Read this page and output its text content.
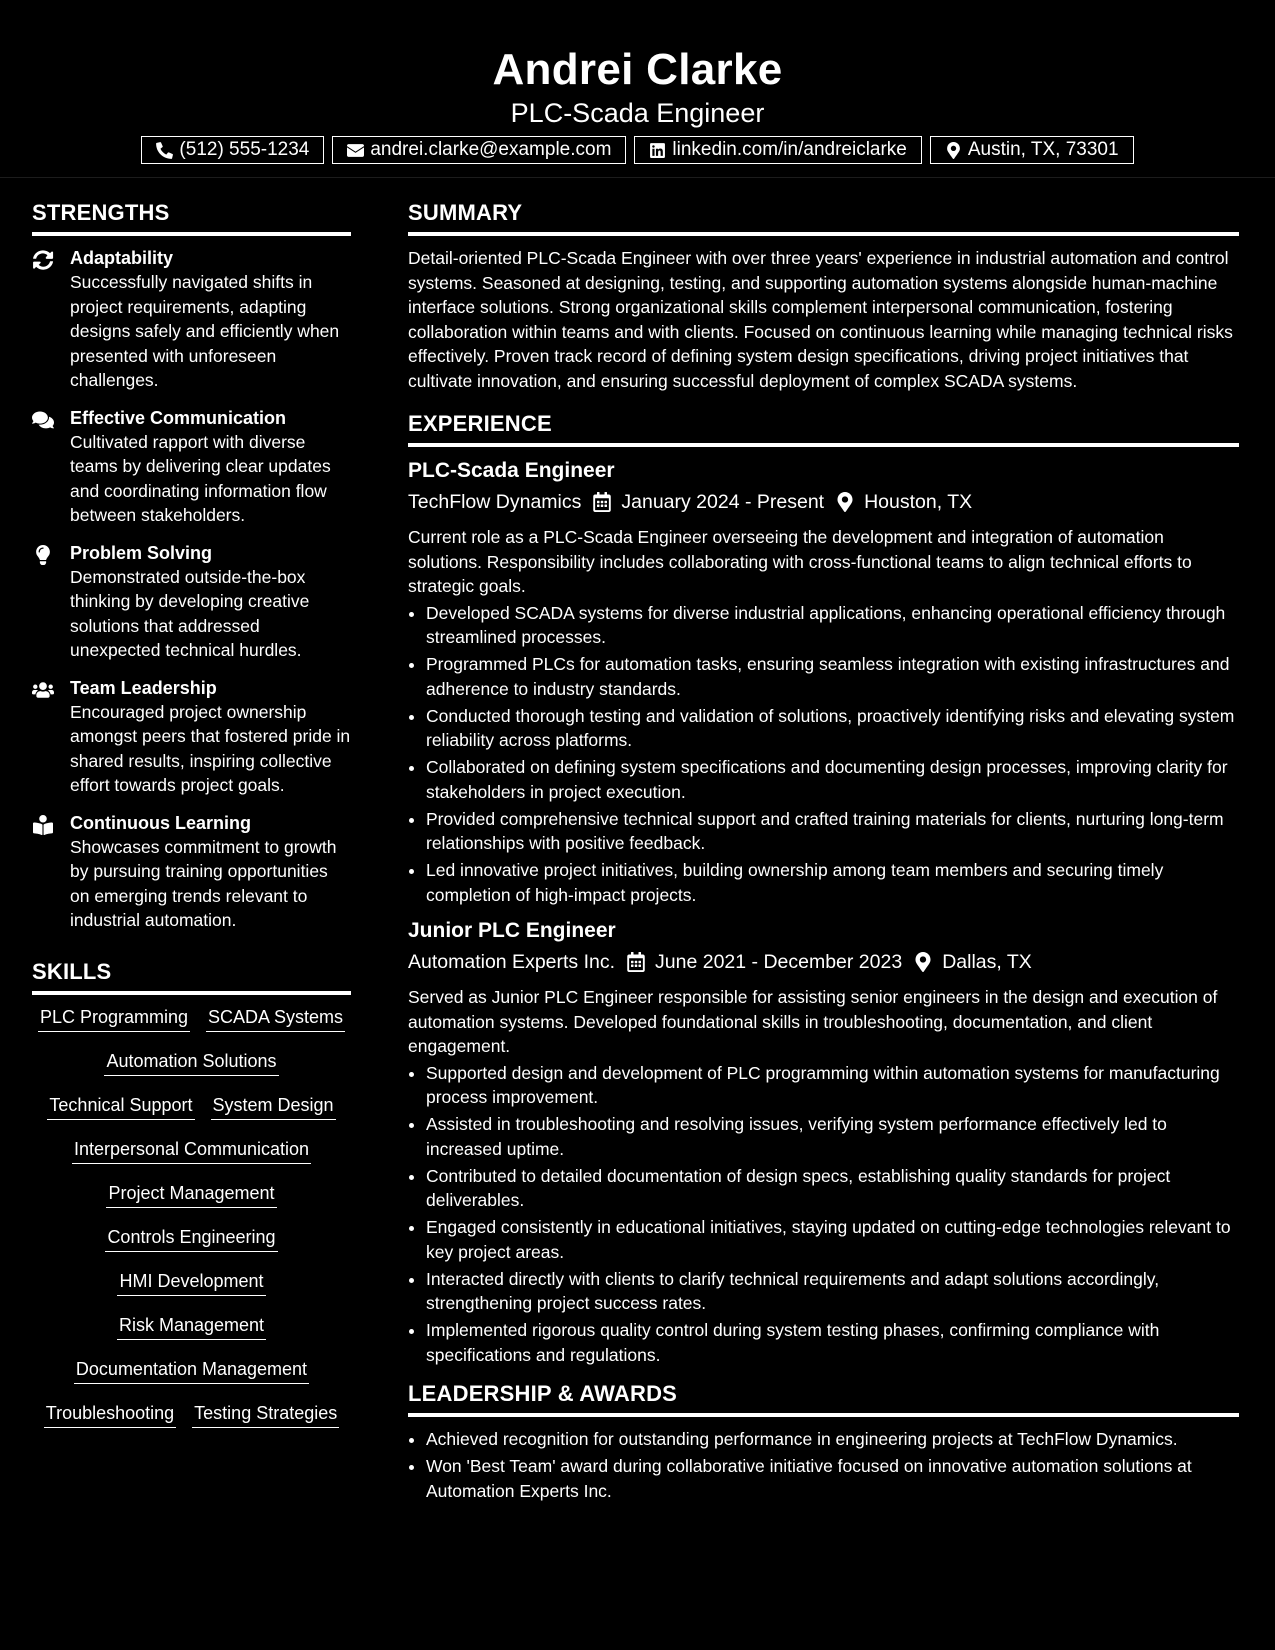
Andrei Clarke
PLC-Scada Engineer
(512) 555-1234	andrei.clarke@example.com	linkedin.com/in/andreiclarke	Austin, TX, 73301
STRENGTHS
Adaptability
Successfully navigated shifts in project requirements, adapting designs safely and efficiently when presented with unforeseen challenges.
Effective Communication
Cultivated rapport with diverse teams by delivering clear updates and coordinating information flow between stakeholders.
Problem Solving
Demonstrated outside-the-box thinking by developing creative solutions that addressed unexpected technical hurdles.
Team Leadership
Encouraged project ownership amongst peers that fostered pride in shared results, inspiring collective effort towards project goals.
Continuous Learning
Showcases commitment to growth by pursuing training opportunities on emerging trends relevant to industrial automation.
SKILLS
PLC Programming SCADA Systems
Automation Solutions
Technical Support System Design
Interpersonal Communication
Project Management
Controls Engineering
HMI Development
Risk Management
Documentation Management
Troubleshooting Testing Strategies
SUMMARY
Detail-oriented PLC-Scada Engineer with over three years' experience in industrial automation and control systems. Seasoned at designing, testing, and supporting automation systems alongside human-machine interface solutions. Strong organizational skills complement interpersonal communication, fostering collaboration within teams and with clients. Focused on continuous learning while managing technical risks effectively. Proven track record of defining system design specifications, driving project initiatives that cultivate innovation, and ensuring successful deployment of complex SCADA systems.
EXPERIENCE
PLC-Scada Engineer
TechFlow Dynamics January 2024 - Present Houston, TX
Current role as a PLC-Scada Engineer overseeing the development and integration of automation solutions. Responsibility includes collaborating with cross-functional teams to align technical efforts to strategic goals.
• Developed SCADA systems for diverse industrial applications, enhancing operational efficiency through streamlined processes.
• Programmed PLCs for automation tasks, ensuring seamless integration with existing infrastructures and adherence to industry standards.
• Conducted thorough testing and validation of solutions, proactively identifying risks and elevating system reliability across platforms.
• Collaborated on defining system specifications and documenting design processes, improving clarity for stakeholders in project execution.
• Provided comprehensive technical support and crafted training materials for clients, nurturing long-term relationships with positive feedback.
• Led innovative project initiatives, building ownership among team members and securing timely completion of high-impact projects.
Junior PLC Engineer
Automation Experts Inc. June 2021 - December 2023 Dallas, TX
Served as Junior PLC Engineer responsible for assisting senior engineers in the design and execution of automation systems. Developed foundational skills in troubleshooting, documentation, and client engagement.
• Supported design and development of PLC programming within automation systems for manufacturing process improvement.
• Assisted in troubleshooting and resolving issues, verifying system performance effectively led to increased uptime.
• Contributed to detailed documentation of design specs, establishing quality standards for project deliverables.
• Engaged consistently in educational initiatives, staying updated on cutting-edge technologies relevant to key project areas.
• Interacted directly with clients to clarify technical requirements and adapt solutions accordingly, strengthening project success rates.
• Implemented rigorous quality control during system testing phases, confirming compliance with specifications and regulations.
LEADERSHIP & AWARDS
• Achieved recognition for outstanding performance in engineering projects at TechFlow Dynamics.
• Won 'Best Team' award during collaborative initiative focused on innovative automation solutions at Automation Experts Inc.
